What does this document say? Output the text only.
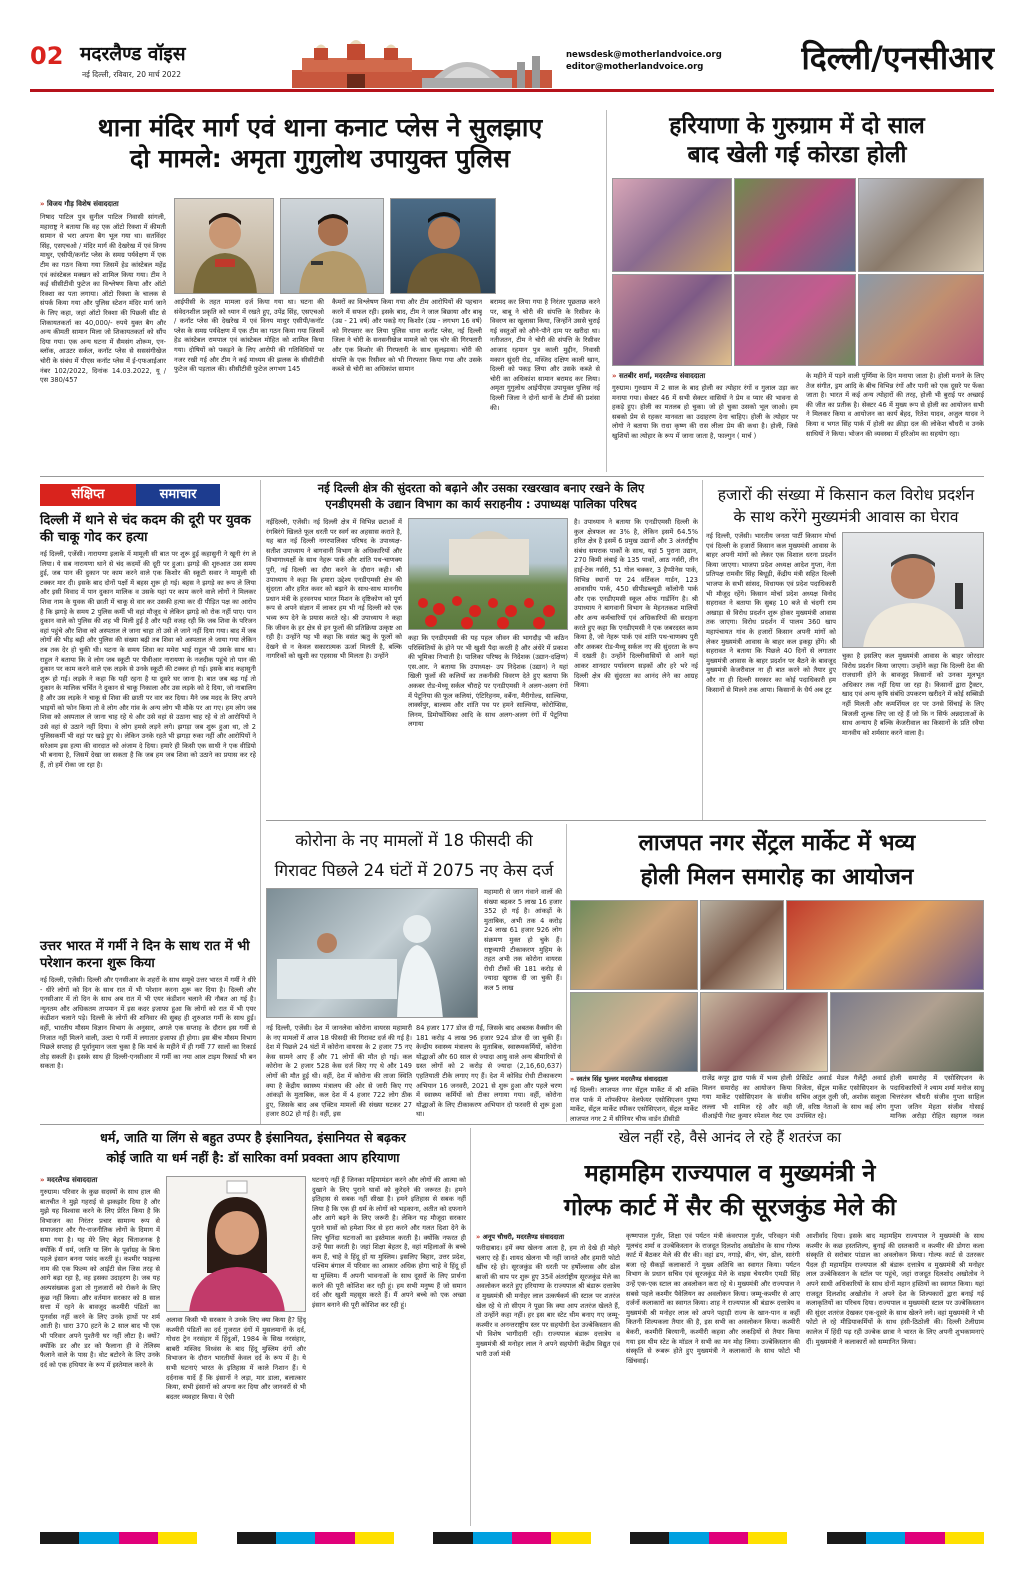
02 मदरलैण्ड वॉइस
नई दिल्ली, रविवार, 20 मार्च 2022
newsdesk@motherlandvoice.org
editor@motherlandvoice.org	दिल्ली/एनसीआर
थाना मंदिर मार्ग एवं थाना कनाट प्लेस ने सुलझाए
दो मामले: अमृता गुगुलोथ उपायुक्त पुलिस
» विजय गौड़ विशेष संवाददाता
निषाद पाटिल पुत्र सुनील पाटिल निवासी सांगली, महाराष्ट्र ने बताया कि वह एक ऑटो रिक्शा में कीमती सामान से भरा अपना बैग भूल गया था। सतविंदर सिंह, एसएचओ / मंदिर मार्ग की देखरेख में एवं विनय माथुर, एसीपी/कनॉट प्लेस के समग्र पर्यवेक्षण में एक टीम का गठन किया गया जिसमें हेड कांस्टेबल महेंद्र एवं कांस्टेबल मक्खन को शामिल किया गया। टीम ने कई सीसीटीवी फुटेज का विश्लेषण किया और ऑटो रिक्शा का पता लगाया। ऑटो रिक्शा के चालक से संपर्क किया गया और पुलिस स्टेशन मंदिर मार्ग जाने के लिए कहा, जहां ऑटो रिक्शा की पिछली सीट से शिकायतकर्ता का 40,000/- रुपये युक्त बैग और अन्य कीमती सामान मिला जो शिकायतकर्ता को सौंप दिया गया। एक अन्य घटना में सैमसंग शोरूम, एन-ब्लॉक, आउटर सर्कल, कनॉट प्लेस से सससंगीखेज चोरी के संबंध में पीएस कनॉट प्लेस में ई-एफआईआर नंबर 102/2022, दिनांक 14.03.2022, यू / एस 380/457
आईपीसी के तहत मामला दर्ज किया गया था। घटना की संवेदनशील प्रकृति को ध्यान में रखते हुए, उपेंद्र सिंह, एसएचओ / कनॉट प्लेस की देखरेख में एवं विनय माथुर एसीपी/कनॉट प्लेस के समग्र पर्यवेक्षण में एक टीम का गठन किया गया जिसमें हेड कांस्टेबल रामपाल एवं कांस्टेबल मोहित को शामिल किया गया। दोषियों को पकड़ने के लिए आरोपी की गतिविधियों पर नजर रखी गई और टीम ने कई माध्यम की झलक के सीसीटीवी फुटेज की पड़ताल की। सीसीटीवी फुटेज लगभग 145
कैमरों का विश्लेषण किया गया और टीम आरोपियों की पहचान करने में सफल रही। इसके बाद, टीम ने जाल बिछाया और बाबू (उम्र - 21 वर्ष) और पकड़े गए किशोर (उम्र - लगभग 16 वर्ष) को गिरफ्तार कर लिया पुलिस थाना कनॉट प्लेस, नई दिल्ली जिला ने चोरी के सनसनीखेज मामले को एक चोर की गिरफ्तारी और एक किशोर की गिरफ्तारी के साथ सुलझाया। चोरी की संपत्ति के एक रिसीवर को भी गिरफ्तार किया गया और उसके कब्जे से चोरी का अधिकांश सामान
बरामद कर लिया गया है निरंतर पूछताछ करने पर, बाबू ने चोरी की संपत्ति के रिसीवर के विवरण का खुलासा किया, जिन्होंने उससे चुराई गई वस्तुओं को औने-पौने दाम पर खरीदा था। नतीजतन, टीम ने चोरी की संपत्ति के रिसीवर आजाद रहमान पुत्र काली मुद्दीन, निवासी मकान सुंदरी रोड, मस्जिद दक्षिण काली खान, दिल्ली को पकड़ लिया और उसके कब्जे से चोरी का अधिकांश सामान बरामद कर लिया। अमृता गुगुलोथ आईपीएस उपायुक्त पुलिस नई दिल्ली जिला ने दोनों थानों के टीमों की प्रशंसा की।
हरियाणा के गुरुग्राम में दो साल
बाद खेली गई कोरडा होली
» सतबीर शर्मा, मदरलैण्ड संवाददाता
गुरुग्राम। गुरुग्राम में 2 साल के बाद होली का त्योहार रंगों व गुलाल उड़ा कर मनाया गया। सेक्टर 46 में सभी सेक्टर वासियों ने प्रेम व प्यार की भावना से हकड़े हुए। होली का मतलब हो चुका। जो हो चुका उसको भूल जाओ। हम सबको प्रेम से रहकर मानवता का उदाहरण देना चाहिए। होली के त्योहार पर लोगो ने बताया कि राधा कृष्ण की रास लीला प्रेम की कथा है। होली, जिसे खुशियों का त्योहार के रूप में जाना जाता है, फाल्गुन ( मार्च )
के महीने में पड़ने वाली पूर्णिमा के दिन मनाया जाता है। होली मनाने के लिए तेज संगीत, ड्रम आदि के बीच विभिन्न रंगों और पानी को एक दूसरे पर फेंका जाता है। भारत में कई अन्य त्योहारों की तरह, होली भी बुराई पर अच्छाई की जीत का प्रतीक है। सेक्टर 46 में मुख्य रूप से होली का आयोजन सभी ने मिलकर किया व आयोजन का कार्य बेहद, रितेश यादव, अजुल यादव ने किया व भगत सिंह पार्क में होली का क्रीड़ा दल की लोकेश चौधरी व उनके साथियों ने किया। भोजन की व्यवस्था में हरिओम का सहयोग रहा।
संक्षिप्त	समाचार
दिल्ली में थाने से चंद कदम की दूरी पर युवक की चाकू गोद कर हत्या
नई दिल्ली, एजेंसी। नारायणा इलाके में मामूली सी बात पर शुरू हुई कहासुनी ने खूनी रंग ले लिया। ये सब नारायणा थाने से चंद कदमों की दूरी पर हुआ। झगड़े की शुरुआत उस समय हुई, जब पान की दुकान पर काम करने वाले एक किशोर की स्कूटी सवार ने मामूली सी टक्कर मार दी। इसके बाद दोनों पक्षों में बहस शुरू हो गई। बहस ने झगड़े का रूप ले लिया और इसी विवाद में पान दुकान मालिक व उसके यहां पर काम करने वाले लोगों ने मिलकर शिवा नाम के युवक की छाती में चाकू से वार कर उसकी हत्या कर दी पीड़ित पक्ष का आरोप है कि झगड़े के समय 2 पुलिस कर्मी भी वहां मौजूद थे लेकिन झगड़े को रोक नहीं पाए। पान दुकान वाले को पुलिस की शह भी मिली हुई है और यही वजह रही कि जब शिवा के परिजन वहां पहुंचे और शिवा को अस्पताल ले जाना चाहा तो उसे ले जाने नहीं दिया गया। बाद में जब लोगों की भीड़ बढ़ी और पुलिस की संख्या बढ़ी तब शिवा को अस्पताल ले जाया गया लेकिन तब तक देर हो चुकी थी। घटना के समय शिवा का ममेरा भाई राहुल भी उसके साथ था। राहुल ने बताया कि वे लोग जब स्कूटी पर पीवीआर नारायणा के नजदीक पहुंचे तो पान की दुकान पर काम करने वाले एक लड़के से उनके स्कूटी की टक्कर हो गई। इसके बाद कहासुनी शुरू हो गई। लड़के ने कहा कि यही रहना है या दूसरे घर जाना है। बात जब बढ़ गई तो दुकान के मालिक चर्चित ने दुकान से चाकू निकाला और उस लड़के को दे दिया, जो नाबालिग है और उस लड़के ने चाकू से शिवा की छाती पर वार कर दिया। मैने जब मदद के लिए अपने भाइयों को फोन किया तो वे लोग और गांव के अन्य लोग भी मौके पर आ गए। हम लोग जब शिवा को अस्पताल ले जाना चाह रहे थे और उसे वहां से उठाना चाह रहे थे तो आरोपियों ने उसे वहां से उठाने नहीं दिया। वे लोग हमसे लड़ने लगे। झगड़ा जब शुरू हुआ था, तो 2 पुलिसकर्मी भी वहां पर खड़े हुए थे। लेकिन उनके रहते भी झगड़ा रुका नहीं और आरोपियों ने सरेआम इस हत्या की वारदात को अंजाम दे दिया। हमारे ही किसी एक साथी ने एक वीडियो भी बनाया है, जिसमें देखा जा सकता है कि जब हम जब शिवा को उठाने का प्रयास कर रहे हैं, तो हमें रोका जा रहा है।
उत्तर भारत में गर्मी ने दिन के साथ रात में भी परेशान करना शुरू किया
नई दिल्ली, एजेंसी। दिल्ली और एनसीआर के शहरों के साथ समूचे उत्तर भारत में गर्मी ने धीरे - धीरे लोगों को दिन के साथ रात में भी परेशान करना शुरू कर दिया है। दिल्ली और एनसीआर में तो दिन के साथ अब रात में भी एयर कंडीशन चलाने की नौबत आ गई है। न्यूनतम और अधिकतम तापमान में इस कदर इजाफा हुआ कि लोगों को रात में भी एयर कंडीशन चलाने पड़े। दिल्ली के लोगों की शनिवार की सुबह ही शुरुआत गर्मी के साथ हुई। वहीं, भारतीय मौसम विज्ञान विभाग के अनुसार, अगले एक सप्ताह के दौरान इस गर्मी से निजात नहीं मिलने वाली, उल्टा ये गर्मी में लगातार इजाफा ही होगा। इस बीच मौसम विभाग पिछले सप्ताह ही पूर्वानुमान जता चुका है कि मार्च के महीने में ही गर्मी 77 सालों का रिकार्ड तोड़ सकती है। इसके साथ ही दिल्ली-एनसीआर में गर्मी का नया आल टाइम रिकार्ड भी बन सकता है।
नई दिल्ली क्षेत्र की सुंदरता को बढ़ाने और उसका रखरखाव बनाए रखने के लिए
एनडीएमसी के उद्यान विभाग का कार्य सराहनीय : उपाध्यक्ष पालिका परिषद
नईदिल्ली, एजेंसी। नई दिल्ली क्षेत्र में विभिन्न छटाओं में रंगबिरंगे खिलते फूल धरती पर स्वर्ग का अहसास कराते है, यह बात नई दिल्ली नगरपालिका परिषद के उपाध्यक्ष- सतीश उपाध्याय ने बागवानी विभाग के अधिकारियों और विभागाध्यक्षों के साथ नेहरू पार्क और शांति पथ-चाणक्य पुरी, नई दिल्ली का दौरा करने के दौरान कही। श्री उपाध्याय ने कहा कि हमारा उद्देश्य एनडीएमसी क्षेत्र की सुंदरता और हरित कवर को बढ़ाने के साथ-साथ माननीय प्रधान मंत्री के हरवनपथ भारत मिशन के दृष्टिकोण को पूर्ण रूप से अपने संज्ञान में लाकर हम भी नई दिल्ली को एक भव्य रूप देने के प्रयास करते रहे। श्री उपाध्याय ने कहा कि जीवन के हर क्षेत्र से इन फूलों की प्रतिक्रिया उत्कृष्ट आ रही है। उन्होंने यह भी कहा कि वसंत ऋतु के फूलों को देखने से न केवल सकारात्मक ऊर्जा मिलती है, बल्कि नागरिकों को खुशी का एहसास भी मिलता है। उन्होंने
कहा कि एनडीएमसी की यह पहल जीवन की भागदौड़ भी कठिन परिस्थितियों के होने पर भी खुशी पैदा करती है और अंधेरे में प्रकाश की भूमिका निभाती है। पालिका परिषद के निदेशक (उद्यान-दक्षिण) एस.आर. ने बताया कि उपाध्यक्ष- उप निदेशक (उद्यान) ने यहां खिली फूलों की कलियों का तकनीकी विवरण देते हुए बताया कि अकबर रोड-मेथ्यू सर्कल चौराहे पर एनडीएमसी ने अलग-अलग रंगों में पेटूनिया की फूल कलियां, एंटिरिहनम, वर्बेना, मैरीगोल्ड, साल्विया, लार्क्सपुर, बाल्सम और शांति पथ पर हमने साल्विया, कोरोप्सिस, लिनम, डिमोर्फोथिका आदि के साथ अलग-अलग रंगों में पेटूनिया लगाया
है। उपाध्याय ने बताया कि एनडीएमसी दिल्ली के कुल क्षेत्रफल का 3% है, लेकिन इसमें 64.5% हरित क्षेत्र है इसमें 6 प्रमुख उद्यानों और 3 अंतर्राष्ट्रीय संबंध समराक पार्कों के साथ, यहां 5 पुराना उद्यान, 270 किमी लंबाई के 135 पाकों, आठ नर्सरी, तीन हाई-टेक नर्सरी, 51 गोल चक्कर, 3 हैप्पीनेस पार्क, विभिन्न स्थानों पर 24 वर्टिकल गार्डन, 123 आवासीय पार्क, 450 सीपीडब्ल्यूडी कॉलोनी पार्क और एक एनडीएमसी स्कूल ऑफ गार्डनिंग है। श्री उपाध्याय ने बागवानी विभाग के मेहनतकश मालियों और अन्य कर्मचारियों एवं अधिकारियों की सराहना करते हुए कहा कि एनडीएमसी ने एक जबरदस्त काम किया है, जो नेहरू पार्क एवं शांति पथ-चाणक्य पुरी और अकबर रोड-मैथ्यू सर्कल नए की सुंदरता के रूप में दखती है। उन्होंने दिल्लीवासियों से आने यहां आकर शानदार पर्यावरण सड़कों और हरे भरे नई दिल्ली क्षेत्र की सुंदरता का आनंद लेने का आग्रह किया।
हजारों की संख्या में किसान कल विरोध प्रदर्शन
के साथ करेंगे मुख्यमंत्री आवास का घेराव
नई दिल्ली, एजेंसी। भारतीय जनता पार्टी किसान मोर्चा एवं दिल्ली के हजारों किसान कल मुख्यमंत्री आवास के बाहर अपनी मांगों को लेकर एक विशाल धरना प्रदर्शन किया जाएगा। भाजपा प्रदेश अध्यक्ष आदेश गुप्ता, नेता प्रतिपक्ष रामवीर सिंह बिधूड़ी, केंद्रीय मंत्री सहित दिल्ली भाजपा के सभी सांसद, विधायक एवं प्रदेश पदाधिकारी भी मौजूद रहेंगे। किसान मोर्चा प्रदेश अध्यक्ष विनोद सहरावत ने बताया कि सुबह 10 बजे से चंदगी राम अखाड़ा से विरोध प्रदर्शन शुरू होकर मुख्यमंत्री आवास तक जाएगा। विरोध प्रदर्शन में पालम 360 खाप महापंचायत गांव के हजारों किसान अपनी मांगों को लेकर मुख्यमंत्री आवास के बाहर कल इकट्ठा होंगे। श्री सहरावत ने बताया कि पिछले 40 दिनों से लगातार मुख्यमंत्री आवास के बाहर प्रदर्शन पर बैठने के बावजूद मुख्यमंत्री केजरीवाल ना ही बात करने को तैयार हुए और ना ही दिल्ली सरकार का कोई पदाधिकारी हम किसानों से मिलने तक आया। किसानों के धैर्य अब टूट
चुका है इसलिए कल मुख्यमंत्री आवास के बाहर जोरदार विरोध प्रदर्शन किया जाएगा। उन्होंने कहा कि दिल्ली देश की राजधानी होने के बावजूद किसानों को उनका मूलभूत अधिकार तक नहीं दिया जा रहा है। किसानों द्वारा ट्रैक्टर, खाद एवं अन्य कृषि संबंधि उपकरण खरीदने में कोई सब्सिडी नहीं मिलती और कमर्शियल दर पर उनसे सिंचाई के लिए बिजली शुल्क लिए जा रहे हैं जो कि न सिर्फ अन्नदाताओं के साथ अन्याय है बल्कि केजरीवाल का किसानों के प्रति रवैया मानवीय को शर्मसार करने वाला है।
कोरोना के नए मामलों में 18 फीसदी की
गिरावट पिछले 24 घंटों में 2075 नए केस दर्ज
महामारी से जान गंवाने वालों की संख्या बढ़कर 5 लाख 16 हजार 352 हो गई है। आंकड़ों के मुताबिक, अभी तक 4 करोड़ 24 लाख 61 हजार 926 लोग संक्रमण मुक्त हो चुके हैं। राष्ट्रव्यापी टीकाकरण मुहिम के तहत अभी तक कोरोना वायरस रोधी टीकों की 181 करोड़ से ज्यादा खुराक दी जा चुकी हैं। कल 5 लाख
नई दिल्ली, एजेंसी। देश में जानलेवा कोरोना वायरस महामारी के नए मामलों में आज 18 फीसदी की गिरावट दर्ज की गई है। देश में पिछले 24 घंटों में कोरोना वायरस के 2 हजार 75 नए केस सामने आए हैं और 71 लोगों की मौत हो गई। कल कोरोना के 2 हजार 528 केस दर्ज किए गए थे और 149 लोगों की मौत हुई थी। वहीं, देश में कोरोना की ताजा स्थिति क्या है केंद्रीय स्वास्थ्य मंत्रालय की ओर से जारी किए गए आंकड़ों के मुताबिक, कल देश में 4 हजार 722 लोग ठीक हुए, जिसके बाद अब एक्टिव मामलों की संख्या घटकर 27 हजार 802 हो गई है। वहीं, इस
84 हजार 177 डोज दी गईं, जिसके बाद अबतक वैक्सीन की 181 करोड़ 4 लाख 96 हजार 924 डोज दी जा चुकी हैं। केन्द्रीय स्वास्थ्य मंत्रालय के मुताबिक, स्वास्थ्यकर्मियों, कोरोना योद्धाओं और 60 साल से ज्यादा आयु वाले अन्य बीमारियों से ग्रस्त लोगों को 2 करोड़ से ज्यादा (2,16,60,637) एहतियाती टीके लगाए गए हैं। देश में कोविड रोधी टीकाकरण अभियान 16 जनवरी, 2021 से शुरू हुआ और पहले चरण में स्वास्थ्य कर्मियों को टीका लगाया गया। वहीं, कोरोना योद्धाओं के लिए टीकाकरण अभियान दो फरवरी से शुरू हुआ था।
लाजपत नगर सेंट्रल मार्केट में भव्य
होली मिलन समारोह का आयोजन
» स्वतंत्र सिंह भुल्लर मदरलैण्ड संवाददाता
नई दिल्ली। लाजपत नगर सेंट्रल मार्केट में श्री शक्ति राज पार्क में शॉपकीपर वेलफेयर एसोसिएशन पुष्पा मार्केट, सेंट्रल मार्केट स्पीकर एसोसिएशन, सेंट्रल मार्केट लाजपत नगर 2 में सीनियर चीफ वार्डन डीसीडी
राजेंद्र कपूर द्वारा पार्क में भव्य होली मिलन समारोह का आयोजन किया गया मार्केट एसोसिएशन के संजीव लल्ला भी शामिल रहे और वही वीआईपी गेस्ट कुमार स्पेशल गेस्ट एम
प्रेसिडेंट अवार्ड मेडल गैलेंट्री अवार्ड विजेता, सेंट्रल मार्केट एसोसिएशन के सचिव अतुल तुली जी, अशोक सलूजा जी, वरिष्ठ नेताओं के साथ कई लोग उपस्थित रहे।
होली समारोह में एसोसिएशन के पदाधिकारियों ने श्याम शर्मा मनोज साधु चित्तरंजन चौधरी संजीव गुप्ता साहिल गुप्ता जतिन मेहता संजीव गोसाई मानिक अरोड़ा रोहित सहगल नवल
धर्म, जाति या लिंग से बहुत उप्पर है इंसानियत, इंसानियत से बढ़कर
कोई जाति या धर्म नहीं है: डॉ सारिका वर्मा प्रवक्ता आप हरियाणा
» मदरलैण्ड संवाददाता
गुरुग्राम। परिवार के कुछ सदस्यों के साथ हाल की बातचीत ने मुझे गहराई से झकझोर दिया है और मुझे यह विश्वास करने के लिए प्रेरित किया है कि विभाजन का निरंतर प्रचार सामान्य रूप से समाजदार और गैर-राजनीतिक लोगों के दिमाग में समा गया है। यह मेरे लिए बेहद चिंताजनक है क्योंकि मैं धर्म, जाति या लिंग के पूर्वाग्रह के बिना पहले इंसान बनना पसंद करती हूं। कश्मीर फाइल्स नाम की एक फिल्म को आईटी सेल जिस तरह से आगे बढ़ा रहा है, वह इसका उदाहरण है। जब यह अल्पसंख्यक हुआ तो गुलजारों को रोकने के लिए कुछ नहीं किया। और वर्तमान सरकार को 8 साल सत्ता में रहने के बावजूद कश्मीरी पंडितों का पुनर्वास नहीं करने के लिए उनके हाथों पर शर्म आती है। धारा 370 हटने के 2 साल बाद भी एक भी परिवार अपने पुश्तैनी घर नहीं लौटा है। क्यों? क्योंकि डर और डर को फैलाना ही वे तेलिस्म फैलाने वाले के पास है। वोट बटोरने के लिए उनके दर्द को एक हथियार के रूप में इस्तेमाल करने के
अलावा किसी भी सरकार ने उनके लिए क्या किया है? हिंदू कश्मीरी पंडितों का दर्द गुजरात दंगों में मुसलमानों के दर्द, गोधरा ट्रेन नरसंहार में हिंदुओं, 1984 के सिख नरसंहार, बाबरी मस्जिद विध्वंस के बाद हिंदू मुस्लिम दंगों और विभाजन के दौरान भारतीयों केवल दर्द के रूप में है। ये सभी घटनाएं भारत के इतिहास में काले निशान हैं। ये दर्दनाक यादें हैं कि इंसानों ने लड़ा, मार डाला, बलात्कार किया, सभी इंसानों को अपना कर दिया और जानवरों से भी बदतर व्यवहार किया। ये ऐसी
घटनाएं नहीं हैं जिनका महिमामंडन करने और लोगों की आत्मा को दुखाने के लिए पुराने घावों को कुरेदने की जरूरत है। हमने इतिहास से सबक नहीं सीखा है। हमने इतिहास से सबक नहीं लिया है कि एक ही धर्म के लोगों को भड़काना, अतीत को दफनाने और आगे बढ़ने के लिए जरूरी है। लेकिन यह मौजूदा सरकार पुराने घावों को हमेशा फिर से हरा करने और गलत दिशा देने के लिए चुनिंदा घटनाओं का इस्तेमाल करती है। क्योंकि नफरत ही उन्हें पैसा करती है। जहां शिक्षा बेहतर है, वहां महिलाओं के बच्चे कम हैं, चाहे वे हिंदू हों या मुस्लिम। इसलिए बिहार, उत्तर प्रदेश, पश्चिम बंगाल में परिवार का आकार अधिक होगा चाहे वे हिंदू हों या मुस्लिम। मैं अपनी भावनाओं के साथ दूसरों के लिए प्रार्थना करने की पूरी कोशिश कर रही हूं। हम सभी मनुष्य हैं जो समान दर्द और खुशी महसूस करते हैं। मैं अपने बच्चे को एक अच्छा इंसान बनाने की पूरी कोशिश कर रही हूं।
खेल नहीं रहे, वैसे आनंद ले रहे हैं शतरंज का
महामहिम राज्यपाल व मुख्यमंत्री ने
गोल्फ कार्ट में सैर की सूरजकुंड मेले की
» अनूप चौधरी, मदरलैण्ड संवाददाता
फरीदाबाद। हमें क्या खेलना आता है, हम तो देखे ही मोहरे चलाए रहे हैं। शायद खेलना भी नहीं जानते और हमारी फोटो खींच रहे हो। सूरजकुंड की धरती पर हर्षोल्लास और ढोल बाजों की थाप पर शुरू हुए 35वें अंतर्राष्ट्रीय सूरजकुंड मेले का अवलोकन करते हुए हरियाणा के राज्यपाल श्री बंडारू दत्तात्रेय व मुख्यमंत्री श्री मनोहर लाल उत्कर्षकर्म की स्टाल पर शतरंज खेल रहे थे तो सीएम ने पूछा कि क्या आप शतरंज खेलते हैं, तो उन्होंने कहा नहीं। हर इस बार स्टेट थीम बनाए गए जम्मू-कश्मीर व अनन्तराष्ट्रीय स्तर पर सहयोगी देश उज्बेकिस्तान की भी विशेष भागीदारी रही। राज्यपाल बंडारू दत्तात्रेय व मुख्यमंत्री श्री मनोहर लाल ने अपने सहयोगी केंद्रीय विद्युत एवं भारी उर्जा मंत्री
कृष्णपाल गुर्जर, शिक्षा एवं पर्यटन मंत्री कंवरपाल गुर्जर, परिवहन मंत्री मूलचंद शर्मा व उज्बेकिस्तान के राजदूत दिलशोद अखोतोव के साथ गोल्फ कार्ट में बैठकर मेले की सैर की। वहां ढप, नगाड़े, बीन, चंग, ढोल, सारंगी बजा रहे सैकड़ों कलाकारों ने मुख्य अतिथि का स्वागत किया। पर्यटन विभाग के प्रधान सचिव एवं सूरजकुंड मेले के वाइस चेयरमैन एमडी सिंह उन्हें एक-एक स्टाल का अवलोकन करा रहे थे। मुख्यमंत्री और राज्यपाल ने सबसे पहले कश्मीर पैवेलियन का अवलोकन किया। जम्मू-कश्मीर से आए दर्जनों कलाकारों का स्वागत किया। शाह ने राज्यपाल श्री बंडारू दत्तात्रेय व मुख्यमंत्री श्री मनोहर लाल को अपने पहाड़ी राज्य के खान-पान व कहीं कितनी शिल्पकला तैयार की है, इस सभी का अवलोकन किया। कश्मीरी बेकरी, कश्मीरी बिरयानी, कश्मीरी कहवा और लकड़ियों से तैयार किया गया इस थीम स्टेट के मॉडल ने सभी का मन मोह लिया। उज्बेकिस्तान की संस्कृति से रूबरू होते हुए मुख्यमंत्री ने कलाकारों के साथ फोटो भी खिंचवाई।
आशीर्वाद दिया। इसके बाद महामहिम राज्यपाल ने मुख्यमंत्री के साथ कश्मीर के कछ हस्तशिल्प, बुनाई की दस्तकारी व कश्मीर की डोगरा कला संस्कृति से सरोबार पांडाल का अवलोकन किया। गोल्फ कार्ट से उतरकर पैदल ही महामहिम राज्यपाल श्री बंडारू दत्तात्रेय व मुख्यमंत्री श्री मनोहर लाल उज्बेकिस्तान के स्टॉल पर पहुंचे, जहां राजदूत दिलशोद अखोतोव ने अपने साथी अधिकारियों के साथ दोनों महान हस्तियों का स्वागत किया। यहां राजदूत दिलशोद अखोतोव ने अपने देश के शिल्पकारों द्वारा बनाई गई कलाकृतियों का परिचय दिया। राज्यपाल व मुख्यमंत्री स्टाल पर उज्बेकिस्तान की सुंदर शतरंज देखकर एक-दूसरे के साथ खेलने लगे। वहां मुख्यमंत्री ने भी फोटो ले रहे मीडियाकर्मियों के साथ हंसी-ठिठोली की। दिल्ली टेलीग्राम कालेज में हिंदी पढ़ रही उज्बेक छात्रा ने भारत के लिए अपनी शुभकामनाएं दीं। मुख्यमंत्री ने कलाकारों को सम्मानित किया।
